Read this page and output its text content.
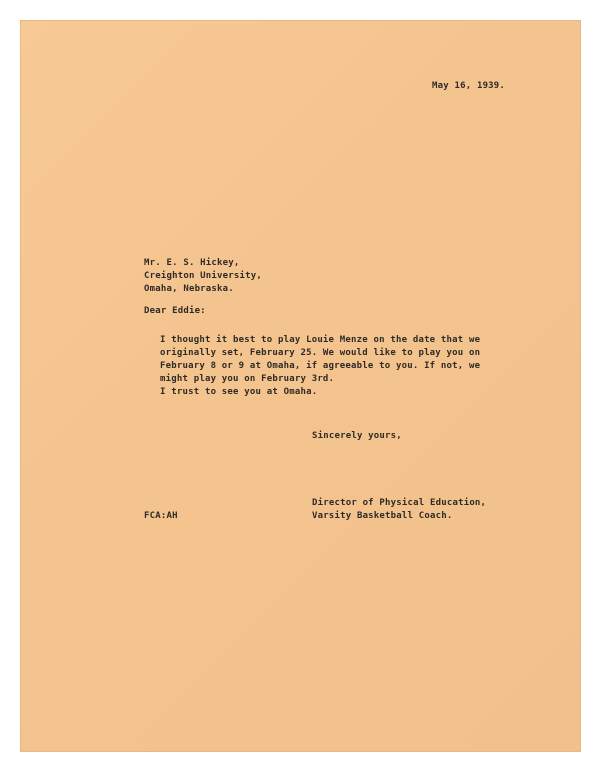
May 16, 1939.
Mr. E. S. Hickey,
Creighton University,
Omaha, Nebraska.
Dear Eddie:
I thought it best to play Louie Menze on the date that we
originally set, February 25. We would like to play you on
February 8 or 9 at Omaha, if agreeable to you. If not, we
might play you on February 3rd.
I trust to see you at Omaha.
Sincerely yours,
Director of Physical Education,
Varsity Basketball Coach.
FCA:AH
